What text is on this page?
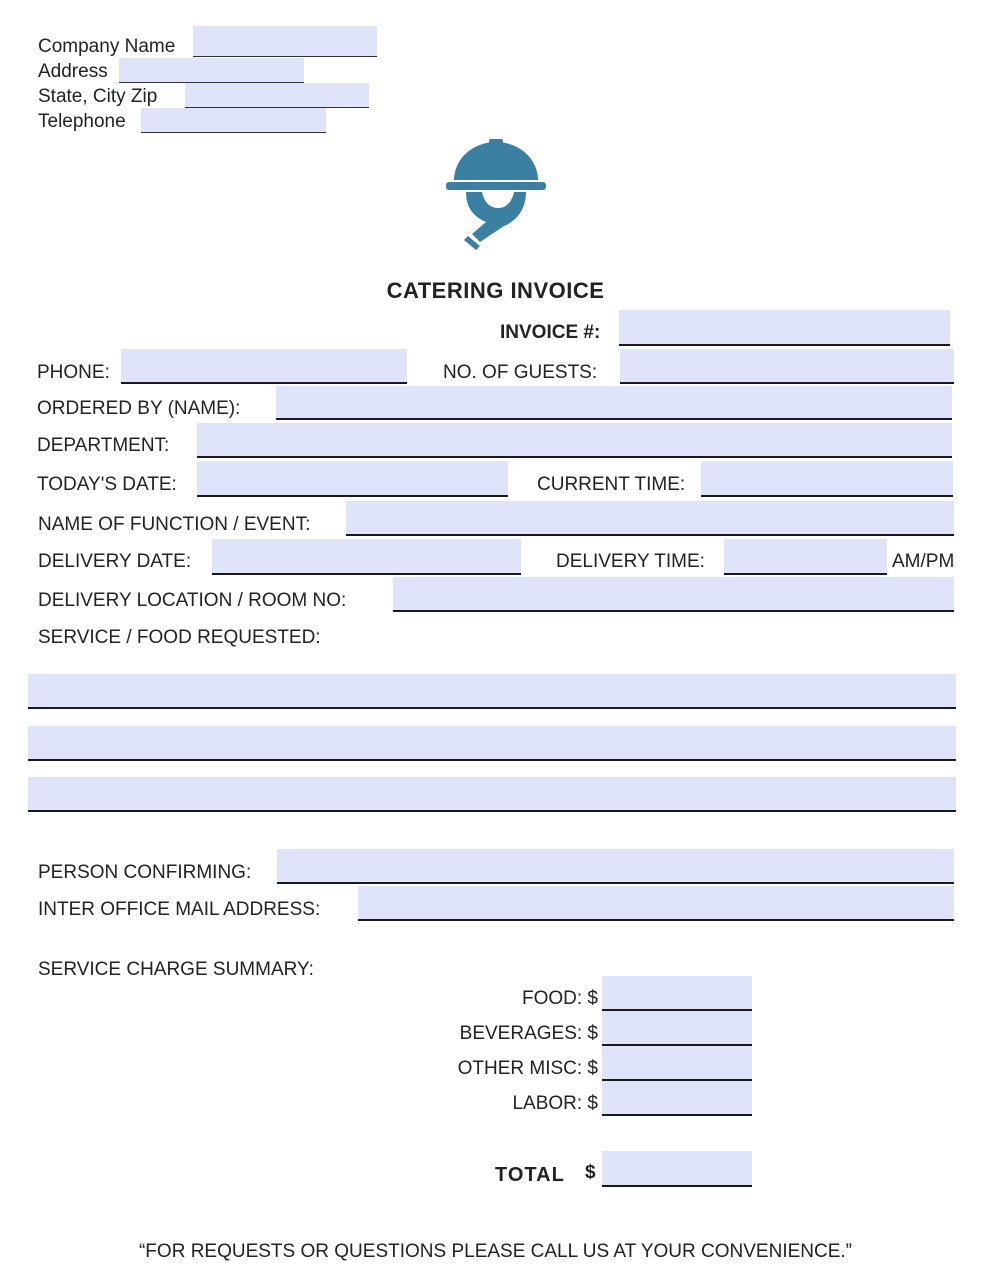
Company Name
Address
State, City Zip
Telephone
CATERING INVOICE
INVOICE #:
PHONE:	NO. OF GUESTS:
ORDERED BY (NAME):
DEPARTMENT:
TODAY'S DATE:	CURRENT TIME:
NAME OF FUNCTION / EVENT:
DELIVERY DATE:	DELIVERY TIME:	AM/PM
DELIVERY LOCATION / ROOM NO:
SERVICE / FOOD REQUESTED:
PERSON CONFIRMING:
INTER OFFICE MAIL ADDRESS:
SERVICE CHARGE SUMMARY:
FOOD: $
BEVERAGES: $
OTHER MISC: $
LABOR: $
TOTAL $
“FOR REQUESTS OR QUESTIONS PLEASE CALL US AT YOUR CONVENIENCE.”
